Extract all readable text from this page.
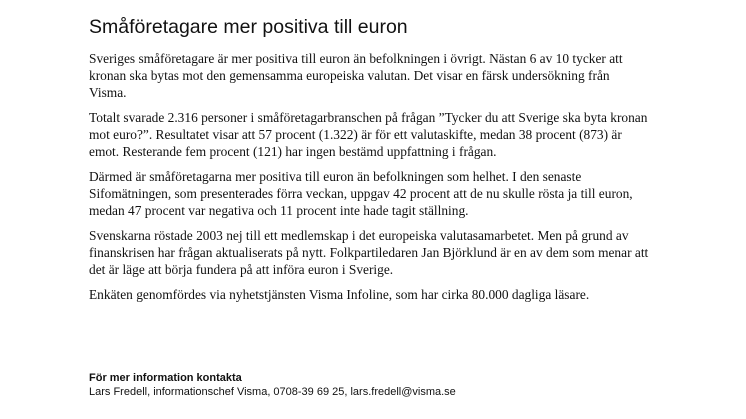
Småföretagare mer positiva till euron

Sveriges småföretagare är mer positiva till euron än befolkningen i övrigt. Nästan 6 av 10 tycker att kronan ska bytas mot den gemensamma europeiska valutan. Det visar en färsk undersökning från Visma.

Totalt svarade 2.316 personer i småföretagarbranschen på frågan ”Tycker du att Sverige ska byta kronan mot euro?”. Resultatet visar att 57 procent (1.322) är för ett valutaskifte, medan 38 procent (873) är emot. Resterande fem procent (121) har ingen bestämd uppfattning i frågan.

Därmed är småföretagarna mer positiva till euron än befolkningen som helhet. I den senaste Sifomätningen, som presenterades förra veckan, uppgav 42 procent att de nu skulle rösta ja till euron, medan 47 procent var negativa och 11 procent inte hade tagit ställning.

Svenskarna röstade 2003 nej till ett medlemskap i det europeiska valutasamarbetet. Men på grund av finanskrisen har frågan aktualiserats på nytt. Folkpartiledaren Jan Björklund är en av dem som menar att det är läge att börja fundera på att införa euron i Sverige.

Enkäten genomfördes via nyhetstjänsten Visma Infoline, som har cirka 80.000 dagliga läsare.

För mer information kontakta

Lars Fredell, informationschef Visma, 0708-39 69 25, lars.fredell@visma.se
